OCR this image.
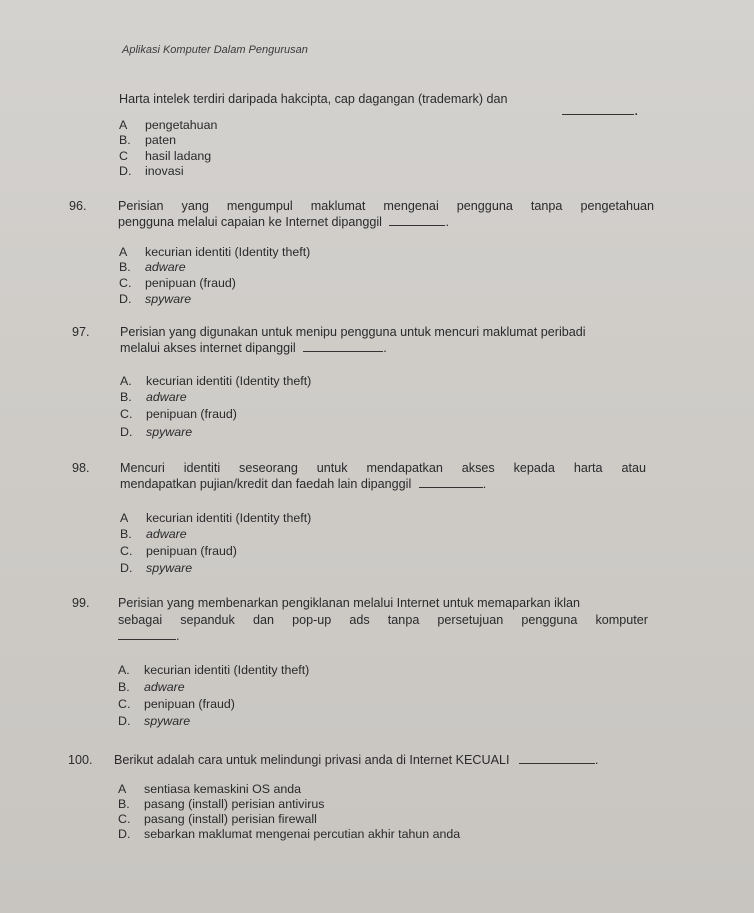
Aplikasi Komputer Dalam Pengurusan
Harta intelek terdiri daripada hakcipta, cap dagangan (trademark) dan
.
A pengetahuan
B. paten
C hasil ladang
D. inovasi
96. Perisian yang mengumpul maklumat mengenai pengguna tanpa pengetahuan
pengguna melalui capaian ke Internet dipanggil	.
A kecurian identiti (Identity theft)
B. adware
C. penipuan (fraud)
D. spyware
97. Perisian yang digunakan untuk menipu pengguna untuk mencuri maklumat peribadi
melalui akses internet dipanggil	.
A. kecurian identiti (Identity theft)
B. adware
C. penipuan (fraud)
D. spyware
98. Mencuri identiti seseorang untuk mendapatkan akses kepada harta atau
mendapatkan pujian/kredit dan faedah lain dipanggil	.
A kecurian identiti (Identity theft)
B. adware
C. penipuan (fraud)
D. spyware
99. Perisian yang membenarkan pengiklanan melalui Internet untuk memaparkan iklan
sebagai sepanduk dan pop-up ads tanpa persetujuan pengguna komputer
.
A. kecurian identiti (Identity theft)
B. adware
C. penipuan (fraud)
D. spyware
100. Berikut adalah cara untuk melindungi privasi anda di Internet KECUALI	.
A sentiasa kemaskini OS anda
B. pasang (install) perisian antivirus
C. pasang (install) perisian firewall
D. sebarkan maklumat mengenai percutian akhir tahun anda
